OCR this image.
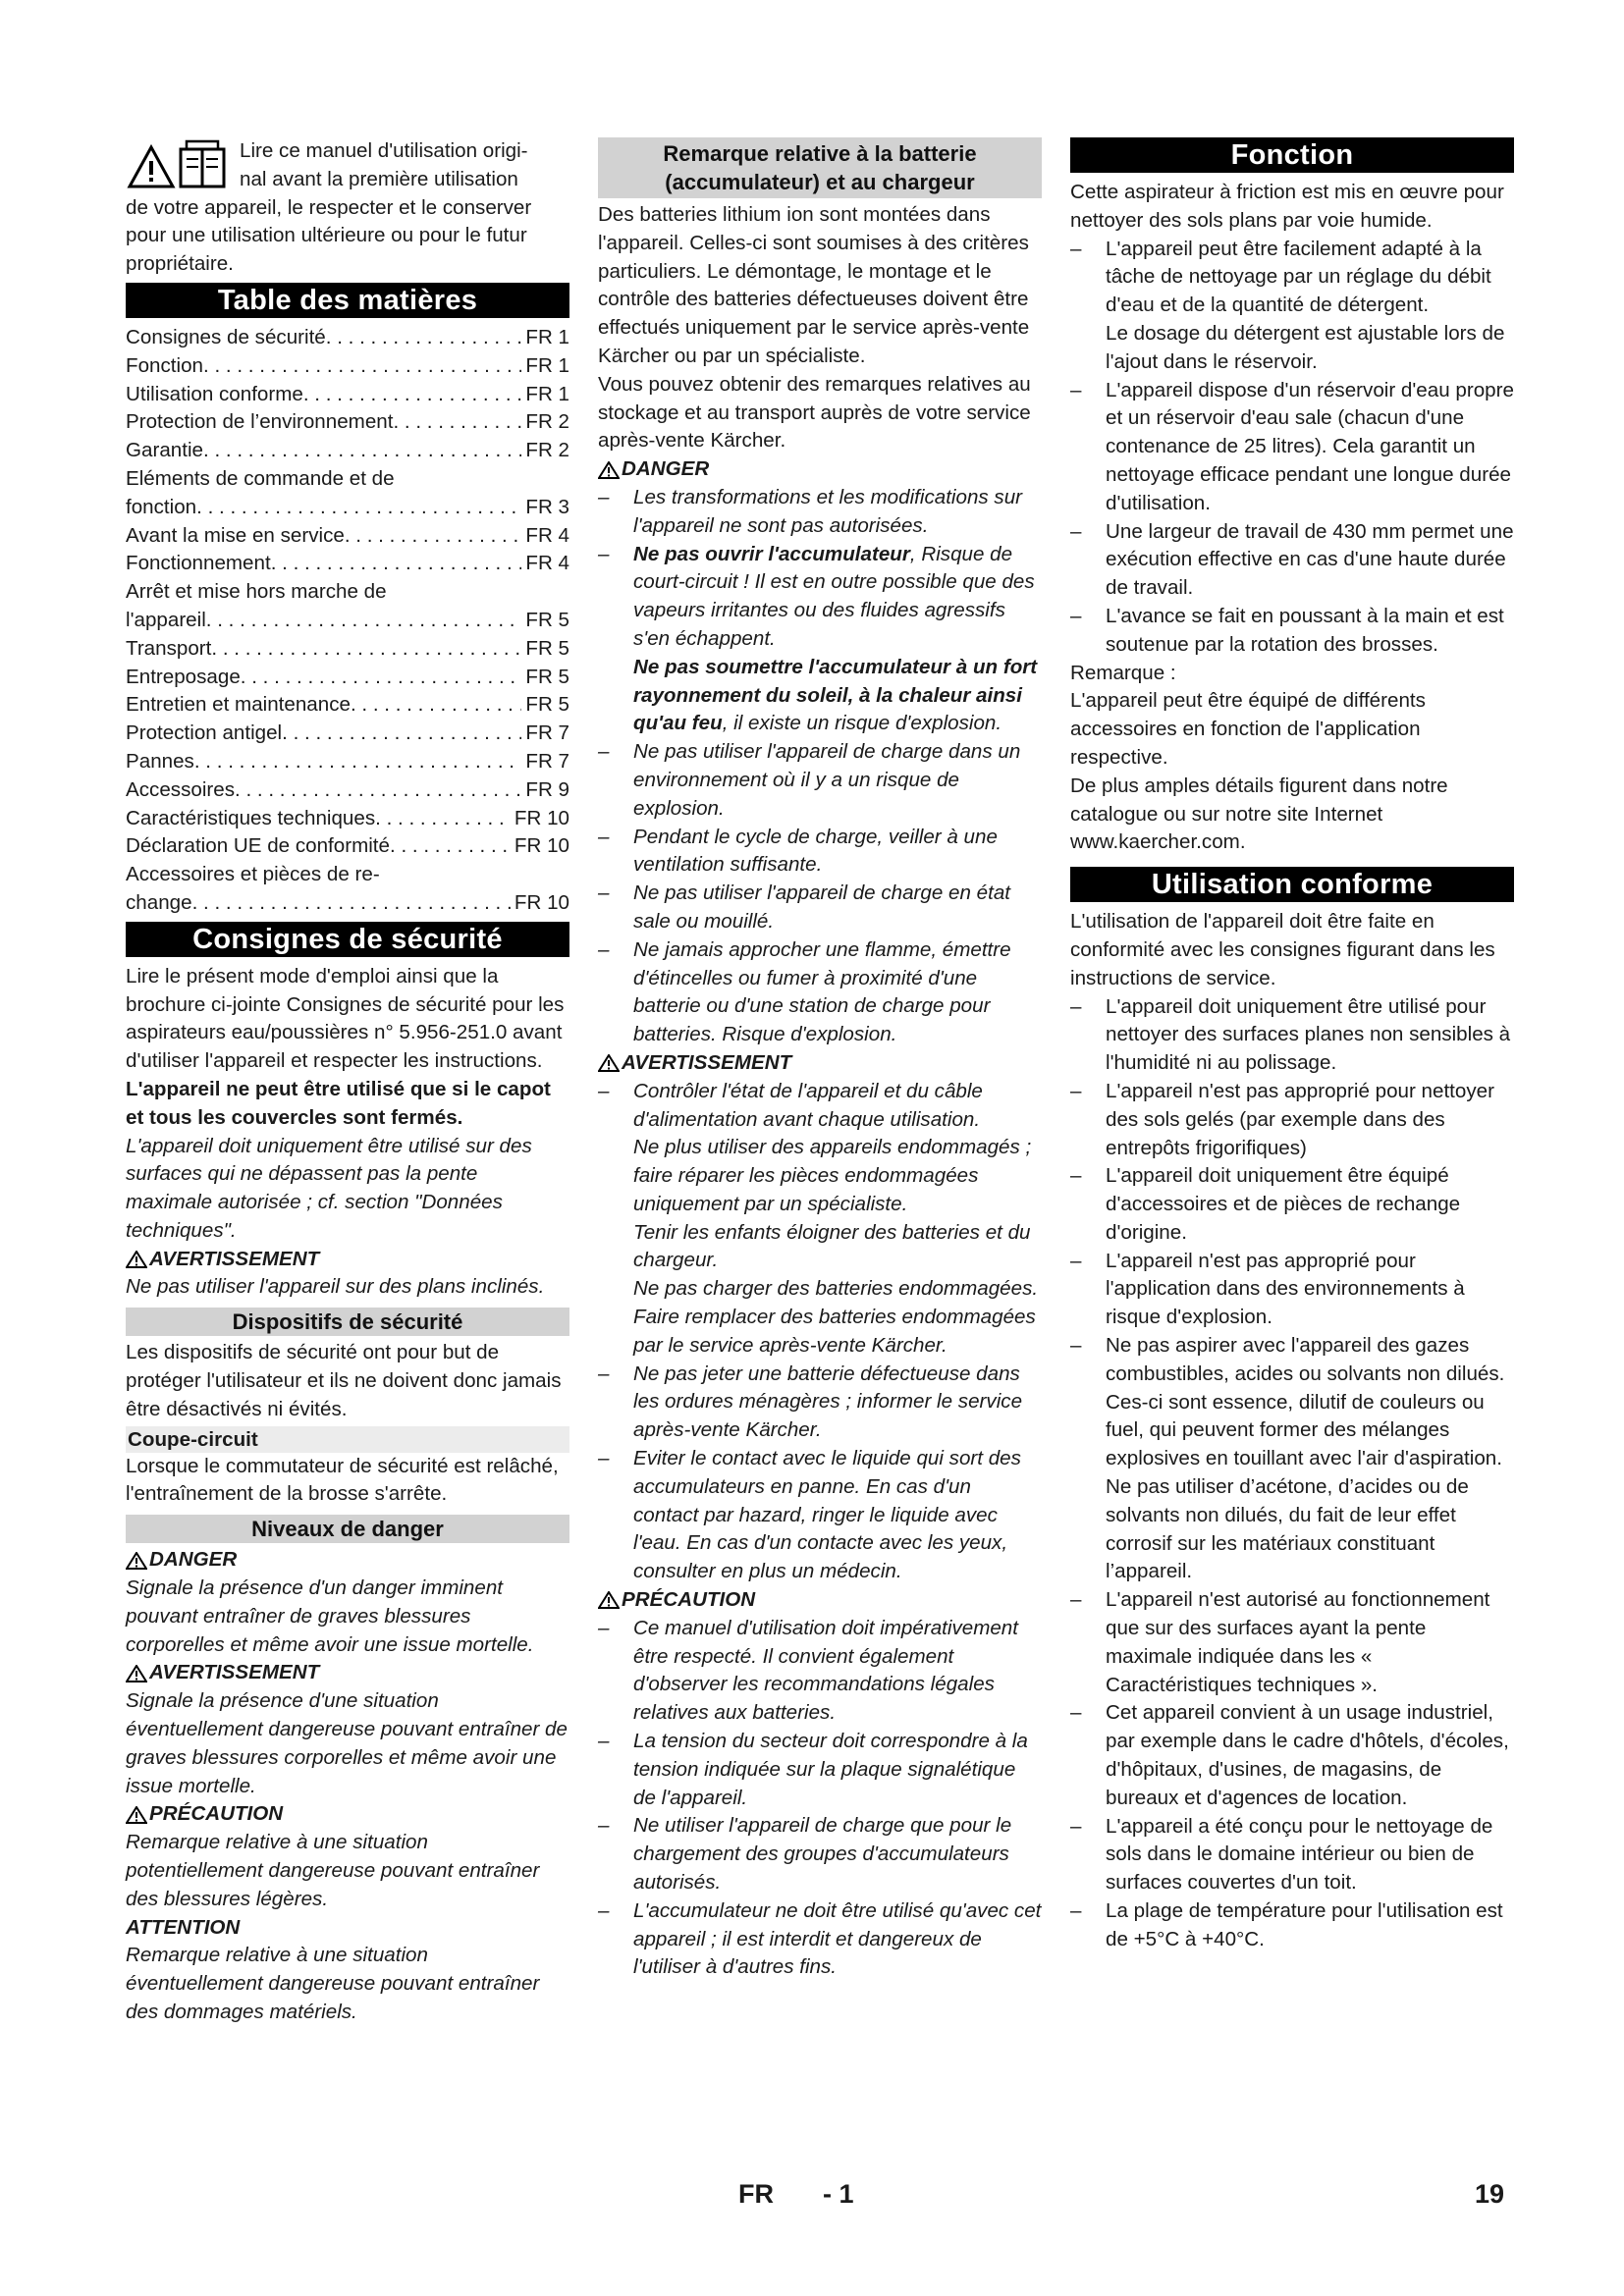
Lire ce manuel d'utilisation origi-

nal avant la première utilisation

de votre appareil, le respecter et le conserver pour une utilisation ultérieure ou pour le futur propriétaire.

Table des matières
Consignes de sécurité . . .	FR 1
Fonction . . .	FR 1
Utilisation conforme . . .	FR 1
Protection de l’environnement . . .	FR 2
Garantie . . .	FR 2
Eléments de commande et de
fonction . . .	FR 3
Avant la mise en service . . .	FR 4
Fonctionnement . . .	FR 4
Arrêt et mise hors marche de
l'appareil . . .	FR 5
Transport . . .	FR 5
Entreposage . . .	FR 5
Entretien et maintenance . . .	FR 5
Protection antigel . . .	FR 7
Pannes . . .	FR 7
Accessoires . . .	FR 9
Caractéristiques techniques . . .	FR 10
Déclaration UE de conformité . . .	FR 10
Accessoires et pièces de re-
change . . .	FR 10
Consignes de sécurité

Lire le présent mode d'emploi ainsi que la brochure ci-jointe Consignes de sécurité pour les aspirateurs eau/poussières n° 5.956-251.0 avant d'utiliser l'appareil et respecter les instructions.

L'appareil ne peut être utilisé que si le capot et tous les couvercles sont fermés.

L'appareil doit uniquement être utilisé sur des surfaces qui ne dépassent pas la pente maximale autorisée ; cf. section "Données techniques".

AVERTISSEMENT

Ne pas utiliser l'appareil sur des plans inclinés.

Dispositifs de sécurité

Les dispositifs de sécurité ont pour but de protéger l'utilisateur et ils ne doivent donc jamais être désactivés ni évités.

Coupe-circuit

Lorsque le commutateur de sécurité est relâché, l'entraînement de la brosse s'arrête.

Niveaux de danger
DANGER

Signale la présence d'un danger imminent pouvant entraîner de graves blessures corporelles et même avoir une issue mortelle.

AVERTISSEMENT

Signale la présence d'une situation éventuellement dangereuse pouvant entraîner de graves blessures corporelles et même avoir une issue mortelle.

PRÉCAUTION

Remarque relative à une situation potentiellement dangereuse pouvant entraîner des blessures légères.

ATTENTION

Remarque relative à une situation éventuellement dangereuse pouvant entraîner des dommages matériels.

Remarque relative à la batterie
(accumulateur) et au chargeur

Des batteries lithium ion sont montées dans l'appareil. Celles-ci sont soumises à des critères particuliers. Le démontage, le montage et le contrôle des batteries défectueuses doivent être effectués uniquement par le service après-vente Kärcher ou par un spécialiste.

Vous pouvez obtenir des remarques relatives au stockage et au transport auprès de votre service après-vente Kärcher.

DANGER
–	Les transformations et les modifications sur l'appareil ne sont pas autorisées.
–	Ne pas ouvrir l'accumulateur, Risque de court-circuit ! Il est en outre possible que des vapeurs irritantes ou des fluides agressifs s'en échappent.
Ne pas soumettre l'accumulateur à un fort rayonnement du soleil, à la chaleur ainsi qu'au feu, il existe un risque d'explosion.
–	Ne pas utiliser l'appareil de charge dans un environnement où il y a un risque de explosion.
–	Pendant le cycle de charge, veiller à une ventilation suffisante.
–	Ne pas utiliser l'appareil de charge en état sale ou mouillé.
–	Ne jamais approcher une flamme, émettre d'étincelles ou fumer à proximité d'une batterie ou d'une station de charge pour batteries. Risque d'explosion.
AVERTISSEMENT
–	Contrôler l'état de l'appareil et du câble d'alimentation avant chaque utilisation.
Ne plus utiliser des appareils endommagés ; faire réparer les pièces endommagées uniquement par un spécialiste.
Tenir les enfants éloigner des batteries et du chargeur.
Ne pas charger des batteries endommagées. Faire remplacer des batteries endommagées par le service après-vente Kärcher.
–	Ne pas jeter une batterie défectueuse dans les ordures ménagères ; informer le service après-vente Kärcher.
–	Eviter le contact avec le liquide qui sort des accumulateurs en panne. En cas d'un contact par hazard, ringer le liquide avec l'eau. En cas d'un contacte avec les yeux, consulter en plus un médecin.
PRÉCAUTION
–	Ce manuel d'utilisation doit impérativement être respecté. Il convient également d'observer les recommandations légales relatives aux batteries.
–	La tension du secteur doit correspondre à la tension indiquée sur la plaque signalétique de l'appareil.
–	Ne utiliser l'appareil de charge que pour le chargement des groupes d'accumulateurs autorisés.
–	L'accumulateur ne doit être utilisé qu'avec cet appareil ; il est interdit et dangereux de l'utiliser à d'autres fins.
Fonction

Cette aspirateur à friction est mis en œuvre pour nettoyer des sols plans par voie humide.

–	L'appareil peut être facilement adapté à la tâche de nettoyage par un réglage du débit d'eau et de la quantité de détergent.
Le dosage du détergent est ajustable lors de l'ajout dans le réservoir.
–	L'appareil dispose d'un réservoir d'eau propre et un réservoir d'eau sale (chacun d'une contenance de 25 litres). Cela garantit un nettoyage efficace pendant une longue durée d'utilisation.
–	Une largeur de travail de 430 mm permet une exécution effective en cas d'une haute durée de travail.
–	L'avance se fait en poussant à la main et est soutenue par la rotation des brosses.

Remarque :

L'appareil peut être équipé de différents accessoires en fonction de l'application respective.

De plus amples détails figurent dans notre catalogue ou sur notre site Internet www.kaercher.com.

Utilisation conforme

L'utilisation de l'appareil doit être faite en conformité avec les consignes figurant dans les instructions de service.

–	L'appareil doit uniquement être utilisé pour nettoyer des surfaces planes non sensibles à l'humidité ni au polissage.
–	L'appareil n'est pas approprié pour nettoyer des sols gelés (par exemple dans des entrepôts frigorifiques)
–	L'appareil doit uniquement être équipé d'accessoires et de pièces de rechange d'origine.
–	L'appareil n'est pas approprié pour l'application dans des environnements à risque d'explosion.
–	Ne pas aspirer avec l'appareil des gazes combustibles, acides ou solvants non dilués.
Ces-ci sont essence, dilutif de couleurs ou fuel, qui peuvent former des mélanges explosives en touillant avec l'air d'aspiration. Ne pas utiliser d’acétone, d’acides ou de solvants non dilués, du fait de leur effet corrosif sur les matériaux constituant l’appareil.
–	L'appareil n'est autorisé au fonctionnement que sur des surfaces ayant la pente maximale indiquée dans les « Caractéristiques techniques ».
–	Cet appareil convient à un usage industriel, par exemple dans le cadre d'hôtels, d'écoles, d'hôpitaux, d'usines, de magasins, de bureaux et d'agences de location.
–	L'appareil a été conçu pour le nettoyage de sols dans le domaine intérieur ou bien de surfaces couvertes d'un toit.
–	La plage de température pour l'utilisation est de +5°C à +40°C.
FR - 1	19
